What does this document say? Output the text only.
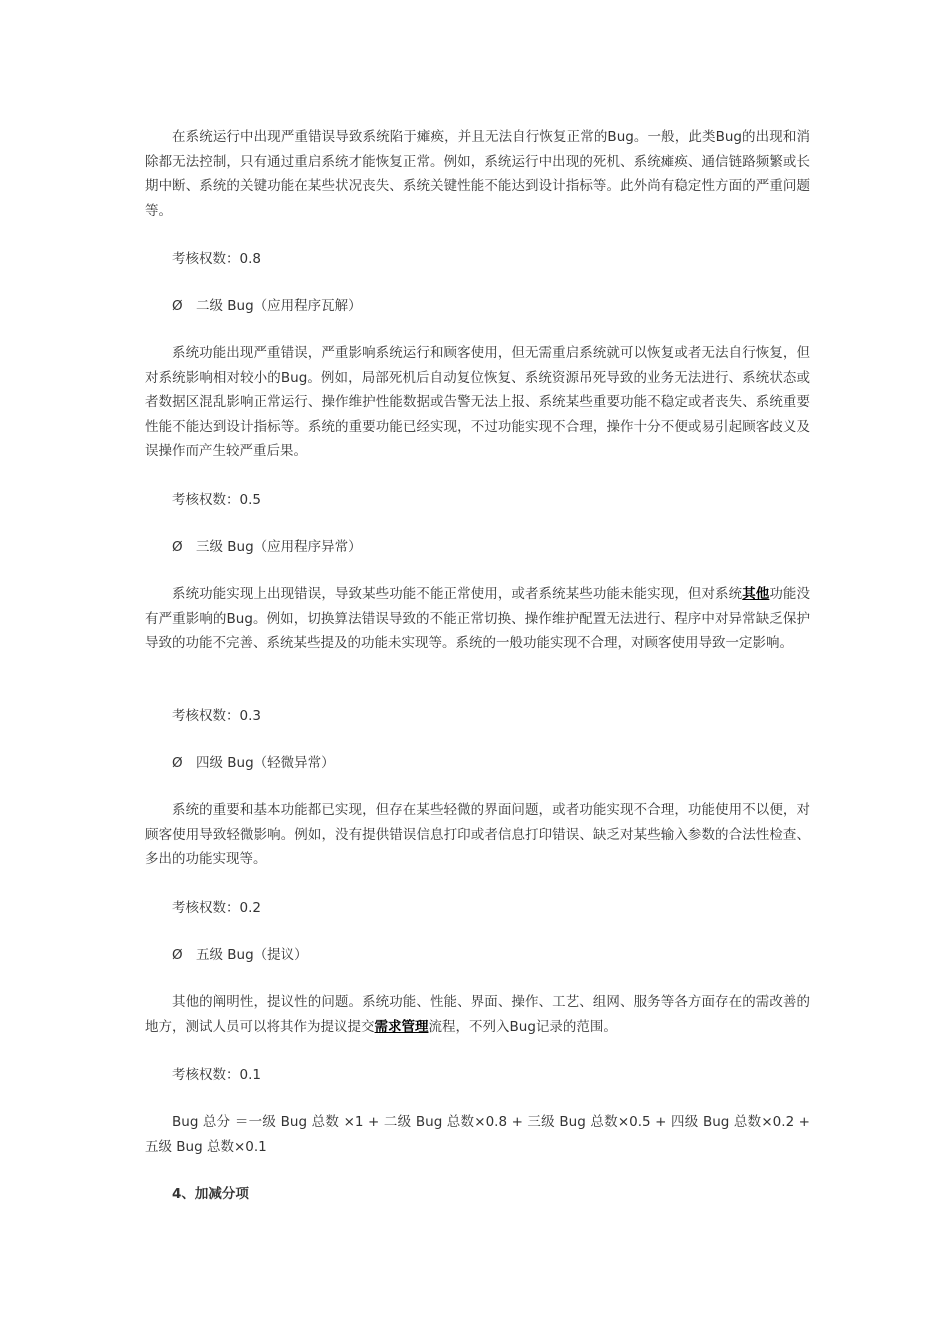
在系统运行中出现严重错误导致系统陷于瘫痪，并且无法自行恢复正常的Bug。一般，此类Bug的出现和消除都无法控制，只有通过重启系统才能恢复正常。例如，系统运行中出现的死机、系统瘫痪、通信链路频繁或长期中断、系统的关键功能在某些状况丧失、系统关键性能不能达到设计指标等。此外尚有稳定性方面的严重问题等。

考核权数：0.8

Ø 二级 Bug（应用程序瓦解）

系统功能出现严重错误，严重影响系统运行和顾客使用，但无需重启系统就可以恢复或者无法自行恢复，但对系统影响相对较小的Bug。例如，局部死机后自动复位恢复、系统资源吊死导致的业务无法进行、系统状态或者数据区混乱影响正常运行、操作维护性能数据或告警无法上报、系统某些重要功能不稳定或者丧失、系统重要性能不能达到设计指标等。系统的重要功能已经实现，不过功能实现不合理，操作十分不便或易引起顾客歧义及误操作而产生较严重后果。

考核权数：0.5

Ø 三级 Bug（应用程序异常）

系统功能实现上出现错误，导致某些功能不能正常使用，或者系统某些功能未能实现，但对系统其他功能没有严重影响的Bug。例如，切换算法错误导致的不能正常切换、操作维护配置无法进行、程序中对异常缺乏保护导致的功能不完善、系统某些提及的功能未实现等。系统的一般功能实现不合理，对顾客使用导致一定影响。

考核权数：0.3

Ø 四级 Bug（轻微异常）

系统的重要和基本功能都已实现，但存在某些轻微的界面问题，或者功能实现不合理，功能使用不以便，对顾客使用导致轻微影响。例如，没有提供错误信息打印或者信息打印错误、缺乏对某些输入参数的合法性检查、多出的功能实现等。

考核权数：0.2

Ø 五级 Bug（提议）

其他的阐明性，提议性的问题。系统功能、性能、界面、操作、工艺、组网、服务等各方面存在的需改善的地方，测试人员可以将其作为提议提交需求管理流程，不列入Bug记录的范围。

考核权数：0.1

Bug 总分 ＝一级 Bug 总数 ×1 + 二级 Bug 总数×0.8 + 三级 Bug 总数×0.5 + 四级 Bug 总数×0.2 + 五级 Bug 总数×0.1

4、加减分项
